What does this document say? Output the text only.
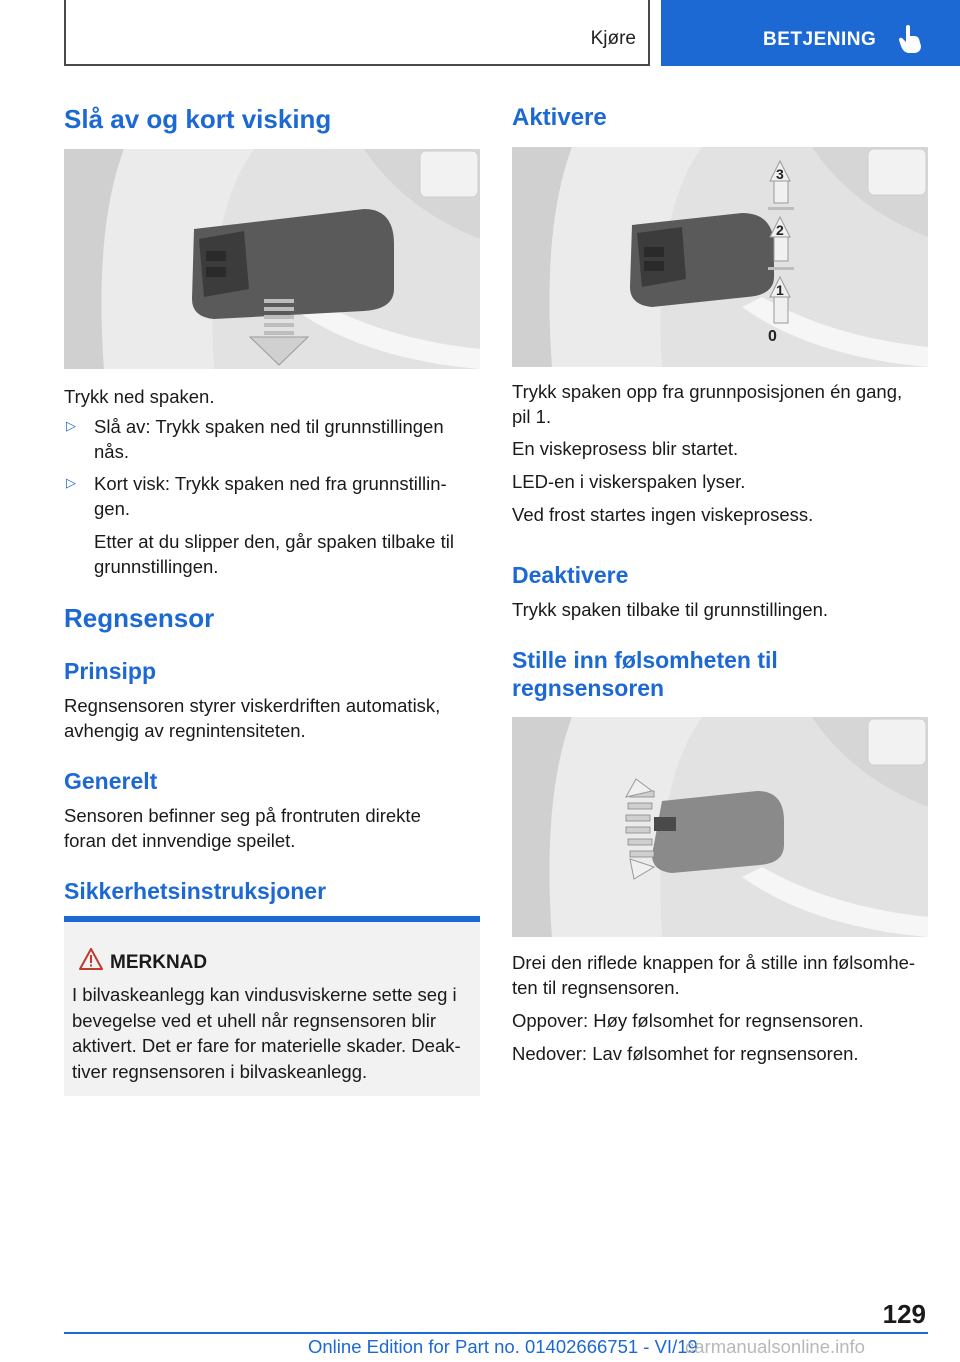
Kjøre	BETJENING
Slå av og kort visking
Trykk ned spaken.
▷ Slå av: Trykk spaken ned til grunnstillingen
nås.
▷ Kort visk: Trykk spaken ned fra grunnstillin-
gen.
Etter at du slipper den, går spaken tilbake til
grunnstillingen.
Regnsensor
Prinsipp
Regnsensoren styrer viskerdriften automatisk,
avhengig av regnintensiteten.
Generelt
Sensoren befinner seg på frontruten direkte
foran det innvendige speilet.
Sikkerhetsinstruksjoner
MERKNAD
I bilvaskeanlegg kan vindusviskerne sette seg i
bevegelse ved et uhell når regnsensoren blir
aktivert. Det er fare for materielle skader. Deak-
tiver regnsensoren i bilvaskeanlegg.
Aktivere
3
2
1
0
Trykk spaken opp fra grunnposisjonen én gang,
pil 1.
En viskeprosess blir startet.
LED-en i viskerspaken lyser.
Ved frost startes ingen viskeprosess.
Deaktivere
Trykk spaken tilbake til grunnstillingen.
Stille inn følsomheten til
regnsensoren
Drei den riflede knappen for å stille inn følsomhe-
ten til regnsensoren.
Oppover: Høy følsomhet for regnsensoren.
Nedover: Lav følsomhet for regnsensoren.
129
Online Edition for Part no. 01402666751 - VI/19
carmanualsonline.info
